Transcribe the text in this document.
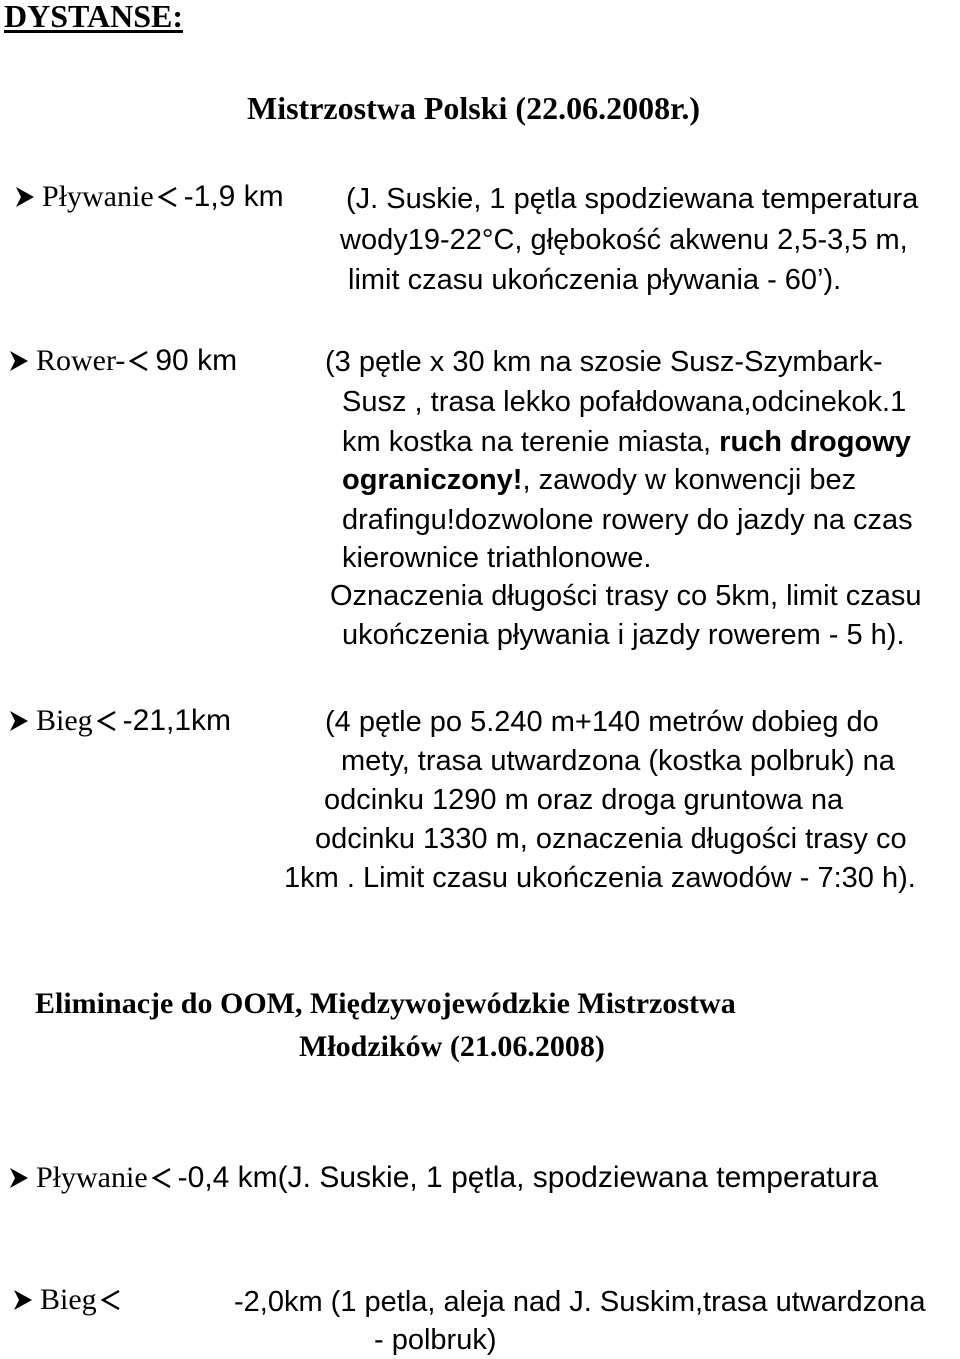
DYSTANSE:
Mistrzostwa Polski (22.06.2008r.)
Pływanie -1,9 km (J. Suskie, 1 pętla spodziewana temperatura
wody19-22°C, głębokość akwenu 2,5-3,5 m,
limit czasu ukończenia pływania - 60’).
Rower- 90 km	(3 pętle x 30 km na szosie Susz-Szymbark-
Susz , trasa lekko pofałdowana,odcinekok.1
km kostka na terenie miasta, ruch drogowy
ograniczony!, zawody w konwencji bez
drafingu!dozwolone rowery do jazdy na czas
kierownice triathlonowe.
Oznaczenia długości trasy co 5km, limit czasu
ukończenia pływania i jazdy rowerem - 5 h).
Bieg -21,1km	(4 pętle po 5.240 m+140 metrów dobieg do
mety, trasa utwardzona (kostka polbruk) na
odcinku 1290 m oraz droga gruntowa na
odcinku 1330 m, oznaczenia długości trasy co
1km . Limit czasu ukończenia zawodów - 7:30 h).
Eliminacje do OOM, Międzywojewódzkie Mistrzostwa
Młodzików (21.06.2008)
Pływanie -0,4 km(J. Suskie, 1 pętla, spodziewana temperatura
Bieg	-2,0km (1 petla, aleja nad J. Suskim,trasa utwardzona
- polbruk)
